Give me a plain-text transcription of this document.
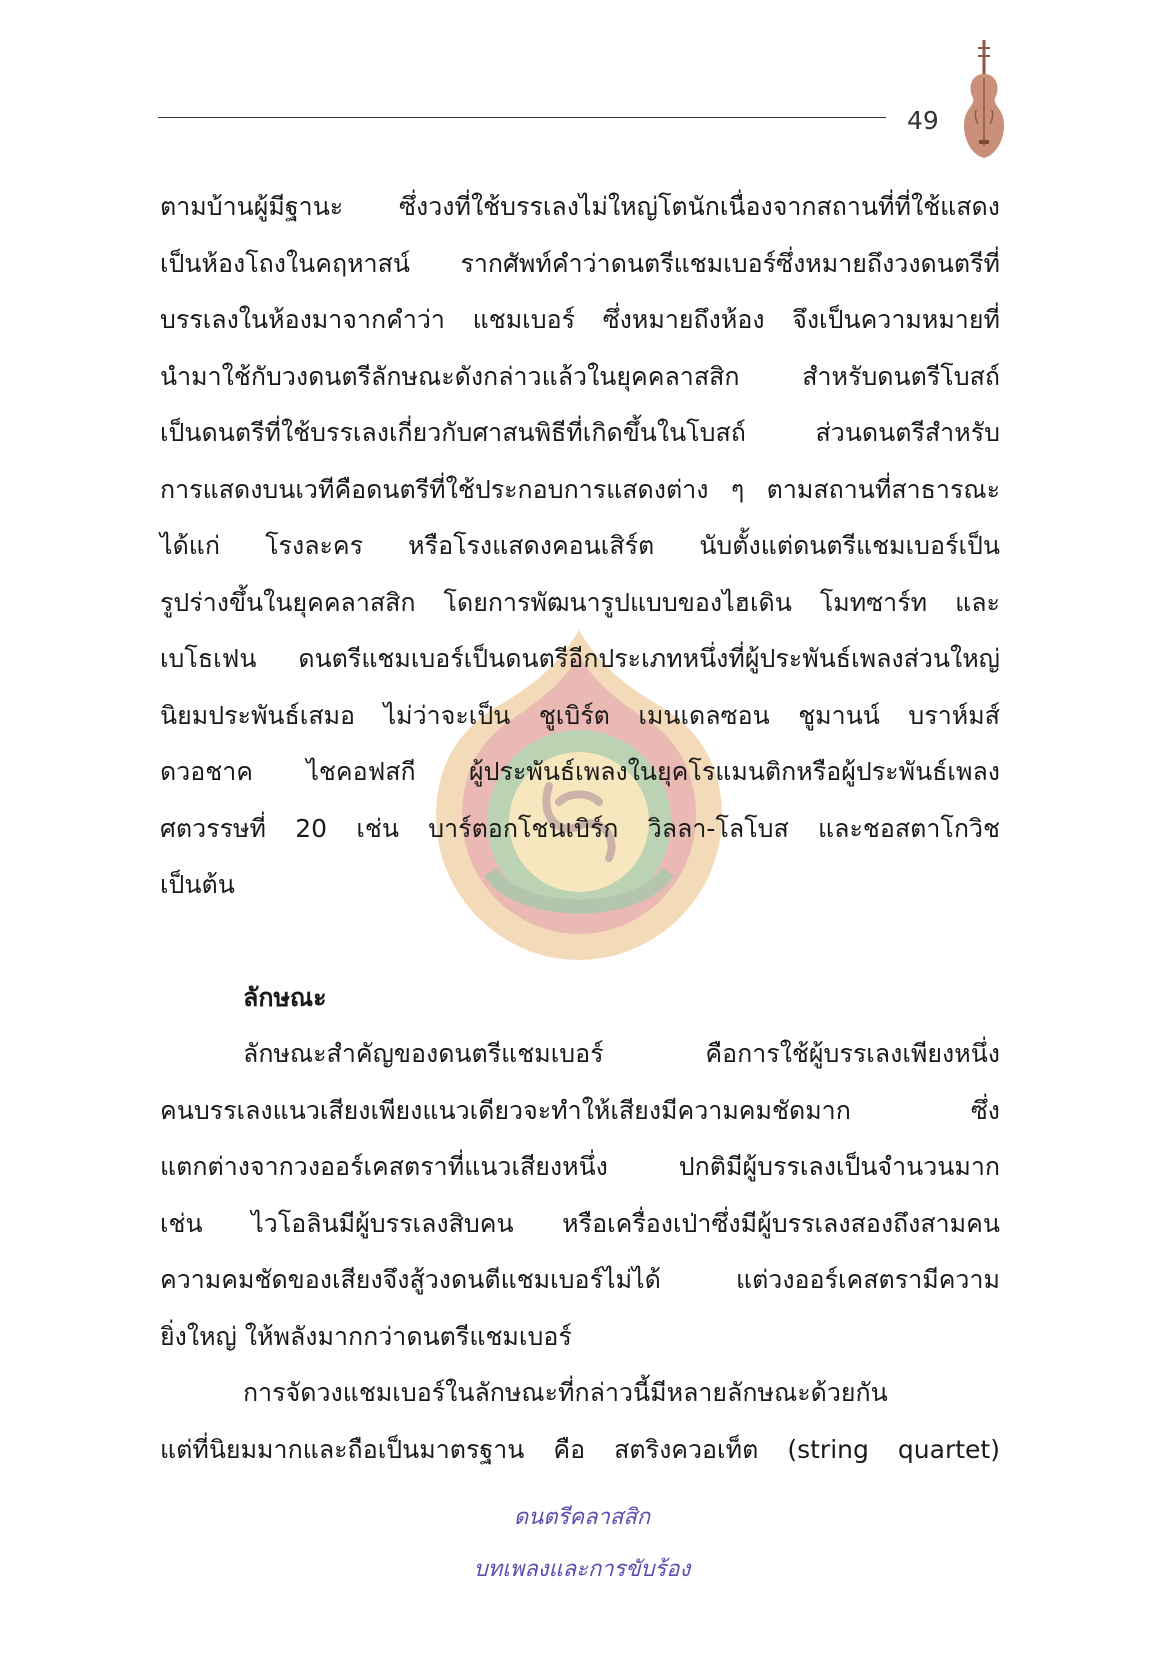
49
ตามบ้านผู้มีฐานะ ซึ่งวงที่ใช้บรรเลงไม่ใหญ่โตนักเนื่องจากสถานที่ที่ใช้แสดง
เป็นห้องโถงในคฤหาสน์ รากศัพท์คำว่าดนตรีแชมเบอร์ซึ่งหมายถึงวงดนตรีที่
บรรเลงในห้องมาจากคำว่า แชมเบอร์ ซึ่งหมายถึงห้อง จึงเป็นความหมายที่
นำมาใช้กับวงดนตรีลักษณะดังกล่าวแล้วในยุคคลาสสิก	สำหรับดนตรีโบสถ์
เป็นดนตรีที่ใช้บรรเลงเกี่ยวกับศาสนพิธีที่เกิดขึ้นในโบสถ์	ส่วนดนตรีสำหรับ
การแสดงบนเวทีคือดนตรีที่ใช้ประกอบการแสดงต่าง ๆ ตามสถานที่สาธารณะ
ได้แก่ โรงละคร หรือโรงแสดงคอนเสิร์ต นับตั้งแต่ดนตรีแชมเบอร์เป็น
รูปร่างขึ้นในยุคคลาสสิก โดยการพัฒนารูปแบบของไฮเดิน โมทซาร์ท และ
เบโธเฟน ดนตรีแชมเบอร์เป็นดนตรีอีกประเภทหนึ่งที่ผู้ประพันธ์เพลงส่วนใหญ่
นิยมประพันธ์เสมอ ไม่ว่าจะเป็น ชูเบิร์ต เมนเดลซอน ชูมานน์ บราห์มส์
ดวอชาค ไชคอฟสกี ผู้ประพันธ์เพลงในยุคโรแมนติกหรือผู้ประพันธ์เพลง
ศตวรรษที่ 20 เช่น บาร์ตอกโชนเบิร์ก วิลลา-โลโบส และชอสตาโกวิช
เป็นต้น
ลักษณะ
ลักษณะสำคัญของดนตรีแชมเบอร์	คือการใช้ผู้บรรเลงเพียงหนึ่ง
คนบรรเลงแนวเสียงเพียงแนวเดียวจะทำให้เสียงมีความคมชัดมาก	ซึ่ง
แตกต่างจากวงออร์เคสตราที่แนวเสียงหนึ่ง	ปกติมีผู้บรรเลงเป็นจำนวนมาก
เช่น ไวโอลินมีผู้บรรเลงสิบคน หรือเครื่องเป่าซึ่งมีผู้บรรเลงสองถึงสามคน
ความคมชัดของเสียงจึงสู้วงดนตีแชมเบอร์ไม่ได้	แต่วงออร์เคสตรามีความ
ยิ่งใหญ่ ให้พลังมากกว่าดนตรีแชมเบอร์
การจัดวงแชมเบอร์ในลักษณะที่กล่าวนี้มีหลายลักษณะด้วยกัน
แต่ที่นิยมมากและถือเป็นมาตรฐาน คือ สตริงควอเท็ต (string quartet)
ดนตรีคลาสสิก
บทเพลงและการขับร้อง
